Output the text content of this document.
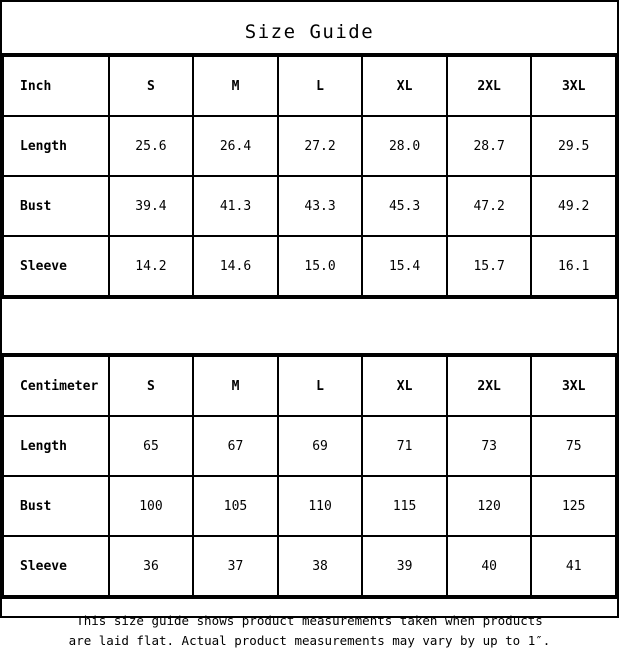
Size Guide
Inch	S	M	L	XL	2XL	3XL
Length	25.6	26.4	27.2	28.0	28.7	29.5
Bust	39.4	41.3	43.3	45.3	47.2	49.2
Sleeve	14.2	14.6	15.0	15.4	15.7	16.1
Centimeter	S	M	L	XL	2XL	3XL
Length	65	67	69	71	73	75
Bust	100	105	110	115	120	125
Sleeve	36	37	38	39	40	41
This size guide shows product measurements taken when products
are laid flat. Actual product measurements may vary by up to 1″.
